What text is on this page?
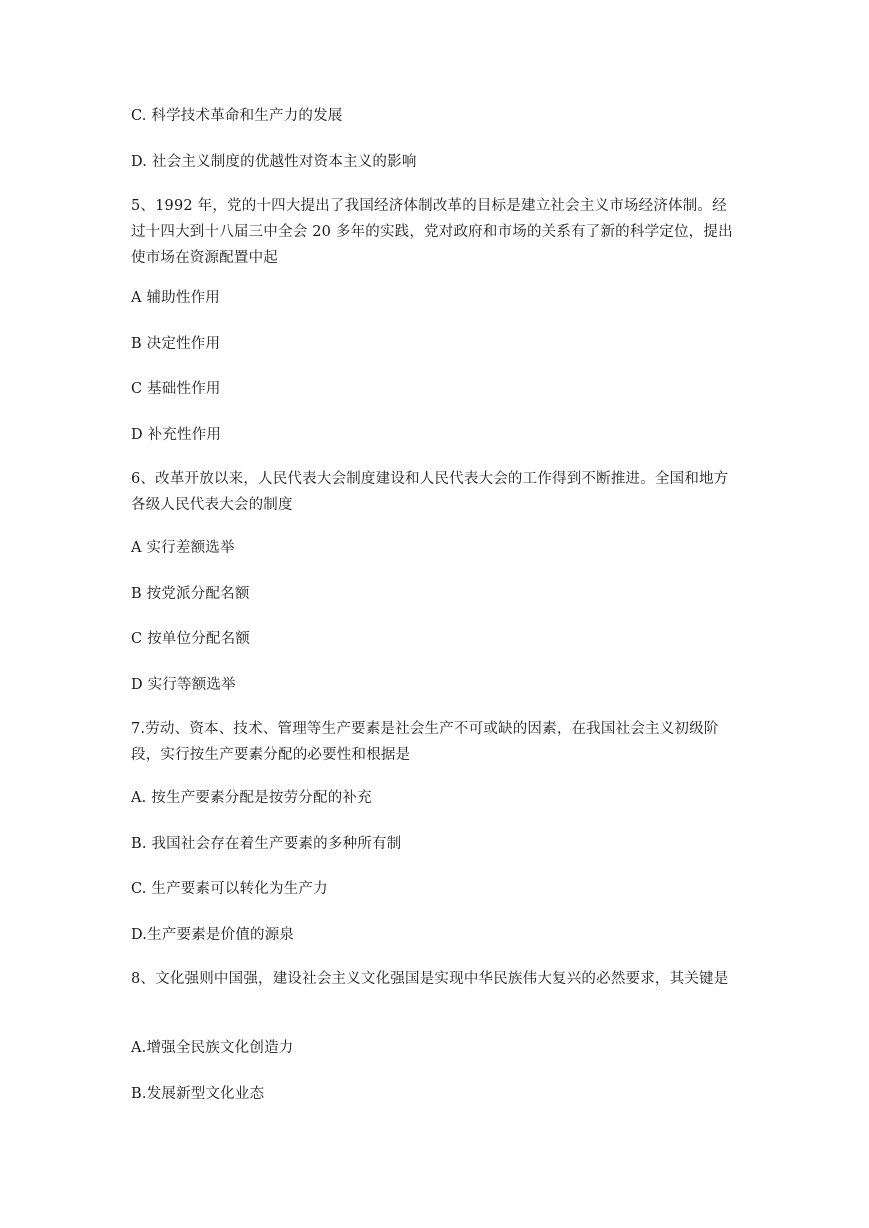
C. 科学技术革命和生产力的发展
D. 社会主义制度的优越性对资本主义的影响
5、1992 年，党的十四大提出了我国经济体制改革的目标是建立社会主义市场经济体制。经过十四大到十八届三中全会 20 多年的实践，党对政府和市场的关系有了新的科学定位，提出使市场在资源配置中起
A 辅助性作用
B 决定性作用
C 基础性作用
D 补充性作用
6、改革开放以来，人民代表大会制度建设和人民代表大会的工作得到不断推进。全国和地方各级人民代表大会的制度
A 实行差额选举
B 按党派分配名额
C 按单位分配名额
D 实行等额选举
7.劳动、资本、技术、管理等生产要素是社会生产不可或缺的因素，在我国社会主义初级阶段，实行按生产要素分配的必要性和根据是
A. 按生产要素分配是按劳分配的补充
B. 我国社会存在着生产要素的多种所有制
C. 生产要素可以转化为生产力
D.生产要素是价值的源泉
8、文化强则中国强，建设社会主义文化强国是实现中华民族伟大复兴的必然要求，其关键是
A.增强全民族文化创造力
B.发展新型文化业态
